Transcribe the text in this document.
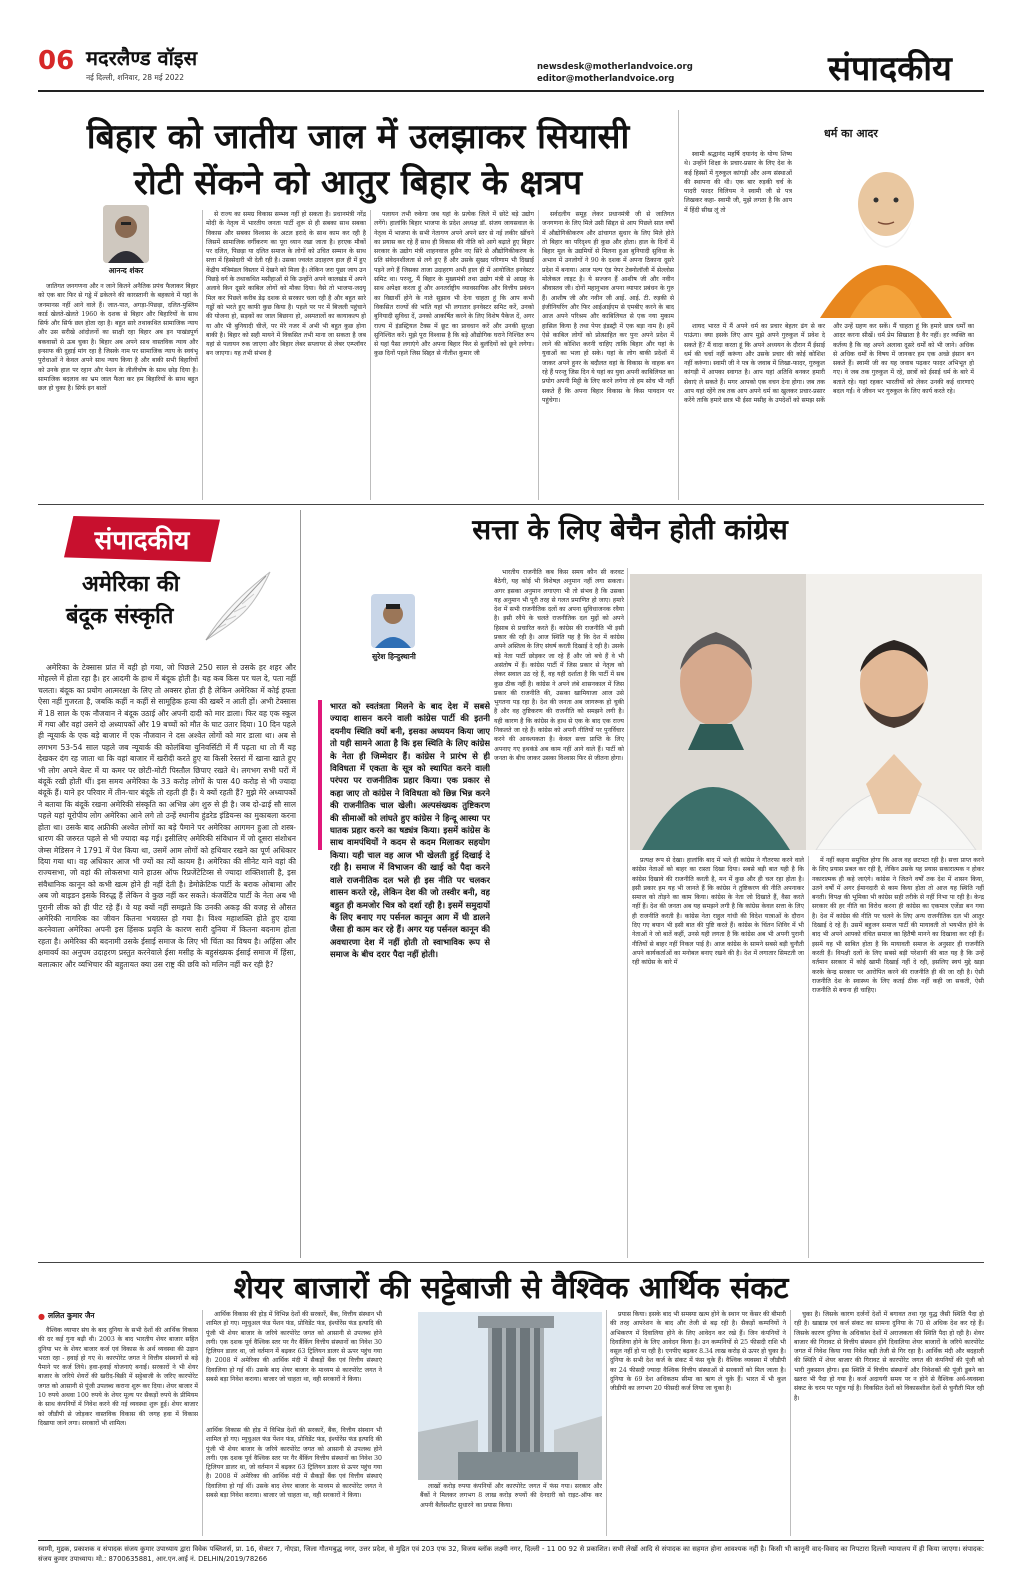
06 मदरलैण्ड वॉइस
नई दिल्ली, शनिवार, 28 मई 2022
newsdesk@motherlandvoice.org
editor@motherlandvoice.org	संपादकीय
बिहार को जातीय जाल में उलझाकर सियासी
रोटी सेंकने को आतुर बिहार के क्षत्रप
आनन्द शंकर

जातिगत जनगणना और न जाने कितने अनैतिक प्रपंच फैलाकर बिहार को एक बार फिर से गड्ढे में ढकेलने की कारस्तानी के बहकावे में यहां के जनमानस नहीं आने वाले हैं। जात-पात, अगड़ा-पिछड़ा, दलित-मुस्लिम कार्ड खेलते-खेलते 1960 के दशक से बिहार और बिहारियों के साथ सिर्फ और सिर्फ छल होता रहा है। बहुत सारे तथाकथित सामाजिक न्याय और उस सरीखे आंदोलनों का साक्षी रहा बिहार अब इन पाखंडपूर्ण बकवासों से ऊब चुका है। बिहार अब अपने साथ वास्तविक न्याय और इन्साफ की दुहाई मांग रहा है जिसके नाम पर सामाजिक न्याय के स्वयंभू पुरोधाओं ने केवल अपने साथ न्याय किया है और बाकी सभी बिहारियों को उनके हाल पर रहान और पेशन के लीलीचोष के साथ छोड़ दिया है। सामाजिक बदलाव का भ्रम जाल फैला कर हम बिहारियों के साथ बहुत छल हो चुका है। सिर्फ इन बातों

से राज्य का समग्र विकास सम्भव नहीं हो सकता है। प्रधानमंत्री नरेंद्र मोदी के नेतृत्व में भारतीय जनता पार्टी शुरू से ही सबका साथ सबका विकास और सबका विश्वास के अटल इरादे के साथ काम कर रही है जिसमें सामाजिक वर्गीकरण का पूरा ध्यान रखा जाता है। हरएक मौकों पर दलित, पिछड़ा या दलित समाज के लोगों को उचित सम्मान के साथ सत्ता में हिस्सेदारी भी देती रही है। उसका ज्वलंत उदाहरण हाल ही में हुए केंद्रीय मंत्रिमंडल विस्तार में देखने को मिला है। लेकिन जरा पूछा जाय उन पिछड़े वर्ग के तथाकथित मसीहाओं से कि उन्होंने अपने कालखंड में अपने अलावे किन दूसरे काबिल लोगों को मौका दिया। वैसे तो भाजपा-जदयू मिल कर पिछले करीब डेढ़ दशक से सरकार चला रही है और बहुत सारे गड्ढों को भरते हुए काफी कुछ किया है। पहले पर पर में बिजली पहुंचाने की योजना हो, सड़कों का जाल बिछाना हो, अस्पतालों का कायाकल्प हो या और भी बुनियादी चीजें, पर मेरे नजर में अभी भी बहुत कुछ होना बाकी है। बिहार को सही मायने में विकसित तभी माना जा सकता है जब यहां से पलायन रुक जाएगा और बिहार लेबर सप्लायर से लेबर एम्प्लॉयर बन जाएगा। यह तभी संभव है

पलायन तभी रुकेगा जब यहां के प्रत्येक जिले में छोटे बड़े उद्योग लगेंगे। हालांकि बिहार भाजपा के प्रदेश अध्यक्ष डॉ. संजय जायसवाल के नेतृत्व में भाजपा के सभी नेतागण अपने अपने स्तर से नई लकीर खींचने का प्रयास कर रहे हैं साथ ही विकास की नीति को आगे बढ़ाते हुए बिहार सरकार के उद्योग मंत्री शाहनवाज हुसैन नए सिरे से औद्योगिकीकरण के प्रति संवेदनशीलता से लगे हुए हैं और उसके सुखद परिणाम भी दिखाई पड़ने लगे हैं जिसका ताजा उदाहरण अभी हाल ही में आयोजित इनवेस्टर समिट था। परन्तु, मैं बिहार के मुख्यमंत्री तथा उद्योग मंत्री से आग्रह के साथ अपेक्षा करता हूं और अनतर्राष्ट्रीय व्यावसायिक और वित्तीय प्रबंधन का विद्यार्थी होने के नाते सुझाव भी देना चाहता हूं कि आप कभी विकसित राज्यों की भांति यहां भी लगातार इनवेस्टर समिट करें, उनको बुनियादी सुविधा दें, उनको आकर्षित करने के लिए विशेष पैकेज दें, अगर राज्य में इंडस्ट्रियल टैक्स में छूट का प्रावधान करें और उनकी सुरक्षा सुनिश्चित करें। मुझे पूरा विश्वास है कि बड़े औद्योगिक घराने निश्चित रूप से यहां पैसा लगाएंगे और अपना बिहार फिर से बुलंदियों को छूने लगेगा। कुछ दिनों पहले जिस सिद्दत से नीतीश कुमार जी

सर्वदलीय समूह लेकर प्रधानमंत्री जी से जातिगत जनगणना के लिए मिले उसी सिद्दत से आप पिछले सात वर्षों में औद्योगिकीकरण और ढांचागत सुधार के लिए मिले होते तो बिहार का परिदृश्य ही कुछ और होता। हाल के दिनों में बिहार मूल के उद्यमियों से मिलना हुआ बुनियादी सुविधा के अभाव में उनलोगों ने 90 के दशक में अपना ठिकाना दूसरे प्रदेश में बनाया। आज पल्प एंड पेपर टेक्नोलॉजी में सेल्लोस मोलेकल लाइट है। ये सज्जन हैं आशीष जी और नवीन श्रीवास्तव जी। दोनों महानुभाव अपना व्यापार प्रबंधन के गुरु हैं। आशीष जी और नवीन जी आई. आई. टी. रुड़की से इंजीनियरिंग और फिर आईआईएम से एमबीए करने के बाद आज अपने परिश्रम और काबिलियत से एक नया मुकाम हासिल किया है तथा पेपर इंडस्ट्री में एक बड़ा नाम है। हमें ऐसे काबिल लोगों को प्रोत्साहित कर पुनः अपने प्रदेश में लाने की कोशिश करनी चाहिए ताकि बिहार और यहां के युवाओं का भला हो सके। यहां के लोग बाकी प्रदेशों में जाकर अपने हुनर के बदौलत वहां के विकास के वाहक बन रहे हैं परन्तु जिस दिन ये यहां का युवा अपनी काबिलियत का प्रयोग अपनी मिट्टी के लिए करने लगेगा तो हम सोच भी नहीं सकते हैं कि अपना बिहार विकास के किस पायदान पर पहुंचेगा।

धर्म का आदर

स्वामी श्रद्धानंद महर्षि दयानंद के योग्य शिष्य थे। उन्होंने शिक्षा के प्रचार-प्रसार के लिए देश के कई हिस्सों में गुरुकुल कांगड़ी और अन्य संस्थाओं की स्थापना की थी। एक बार रुड़की चर्च के पादरी फादर विलियम ने स्वामी जी से पत्र लिखकर कहा- स्वामी जी, मुझे लगता है कि आप में हिंदी सीख लूं तो

शायद भारत में मैं अपने धर्म का प्रचार बेहतर ढंग से कर पाऊंगा। क्या इसके लिए आप मुझे अपने गुरुकुल में प्रवेश दे सकते हैं? मैं वादा करता हूं कि अपने अध्ययन के दौरान मैं ईसाई धर्म की चर्चा नहीं करूंगा और उसके प्रचार की कोई कोशिश नहीं करूंगा। स्वामी जी ने पत्र के जवाब में लिखा-फादर, गुरुकुल कांगड़ी में आपका स्वागत है। आप यहां अतिथि बनकर हमारी सेवाएं ले सकते हैं। मगर आपको एक वचन देना होगा। जब तक आप यहां रहेंगे तब तक आप अपने धर्म का खुलकर प्रचार-प्रसार करेंगे ताकि हमारे छात्र भी ईसा मसीह के उपदेशों को समझ सकें और उन्हें ग्रहण कर सकें। मैं चाहता हूं कि हमारे छात्र धर्मों का आदर करना सीखें। धर्म प्रेम सिखाता है वैर नहीं। हर व्यक्ति का कर्तव्य है कि वह अपने अलावा दूसरे धर्मों को भी जाने। अधिक से अधिक धर्मों के विषय में जानकर हम एक अच्छे इंसान बन सकते हैं। स्वामी जी का यह जवाब पढ़कर फादर अभिभूत हो गए। वे जब तक गुरुकुल में रहे, छात्रों को ईसाई धर्म के बारे में बताते रहे। यहां रहकर भारतीयों को लेकर उनकी कई धारणाएं बदल गईं। वे जीवन भर गुरुकुल के लिए कार्य करते रहे।

संपादकीय
अमेरिका की
बंदूक संस्कृति

अमेरिका के टेक्सास प्रांत में वही हो गया, जो पिछले 250 साल से उसके हर शहर और मोहल्ले में होता रहा है। हर आदमी के हाथ में बंदूक होती है। यह कब किस पर चल दे, पता नहीं चलता। बंदूक का प्रयोग आत्मरक्षा के लिए तो अक्सर होता ही है लेकिन अमेरिका में कोई हफ्ता ऐसा नहीं गुजरता है, जबकि कहीं न कहीं से सामूहिक हत्या की खबरें न आती हों। अभी टेक्सास में 18 साल के एक नौजवान ने बंदूक उठाई और अपनी दादी को मार डाला। फिर वह एक स्कूल में गया और वहां उसने दो अध्यापकों और 19 बच्चों को मौत के घाट उतार दिया। 10 दिन पहले ही न्यूयार्क के एक बड़े बाजार में एक नौजवान ने दस अश्वेत लोगों को मार डाला था। अब से लगभग 53-54 साल पहले जब न्यूयार्क की कोलंबिया युनिवर्सिटी में मैं पढ़ता था तो मैं यह देखकर दंग रह जाता था कि वहां बाजार में खरीदी करते हुए या किसी रेस्तरां में खाना खाते हुए भी लोग अपने बेल्ट में या कमर पर छोटी-मोटी पिस्तौल छिपाए रखते थे। लगभग सभी घरों में बंदूकें रखी होती थीं। इस समय अमेरिका के 33 करोड़ लोगों के पास 40 करोड़ से भी ज्यादा बंदूकें हैं। याने हर परिवार में तीन-चार बंदूकें तो रहती ही हैं। ये क्यों रहती हैं? मुझे मेरे अध्यापकों ने बताया कि बंदूकें रखना अमेरिकी संस्कृति का अभिन्न अंग शुरु से ही है। जब दो-ढाई सौ साल पहले यहां यूरोपीय लोग अमेरिका आने लगे तो उन्हें स्थानीय हुंडरेड इंडियन्स का मुकाबला करना होता था। उसके बाद अफ्रीकी अश्वेत लोगों का बड़े पैमाने पर अमेरिका आगमन हुआ तो शस्त्र-धारण की जरुरत पहले से भी ज्यादा बढ़ गई। इसीलिए अमेरिकी संविधान में जो दूसरा संशोधन जेम्स मेडिसन ने 1791 में पेश किया था, उसमें आम लोगों को हथियार रखने का पूर्ण अधिकार दिया गया था। वह अधिकार आज भी ज्यों का त्यों कायम है। अमेरिका की सीनेट याने वहां की राज्यसभा, जो वहां की लोकसभा याने हाउस ऑफ रिप्रजेंटेटिव्स से ज्यादा शक्तिशाली है, इस संवैधानिक कानून को कभी खत्म होने ही नहीं देती है। डेमोक्रेटिक पार्टी के बराक ओबामा और अब जो बाइडन इसके विरुद्ध हैं लेकिन वे कुछ नहीं कर सकते। कंजर्वेटिव पार्टी के नेता अब भी पुरानी लीक को ही पीट रहे हैं। वे यह क्यों नहीं समझते कि उनकी अकड़ की वजह से औसत अमेरिकी नागरिक का जीवन कितना भयग्रस्त हो गया है। विश्व महाशक्ति होते हुए दावा करनेवाला अमेरिका अपनी इस हिंसक प्रवृति के कारण सारी दुनिया में कितना बदनाम होता रहता है। अमेरिका की बदनामी उसके ईसाई समाज के लिए भी चिंता का विषय है। अहिंसा और क्षमावर्य का अनुपम उदाहरण प्रस्तुत करनेवाले ईसा मसीह के बहुसंख्यक ईसाई समाज में हिंसा, बलात्कार और व्यभिचार की बहुतायत क्या उस राष्ट्र की छवि को मलिन नहीं कर रही है?

सत्ता के लिए बेचैन होती कांग्रेस
सुरेश हिन्दुस्थानी

भारत को स्वतंत्रता मिलने के बाद देश में सबसे ज्यादा शासन करने वाली कांग्रेस पार्टी की इतनी दयनीय स्थिति क्यों बनी, इसका अध्ययन किया जाए तो यही सामने आता है कि इस स्थिति के लिए कांग्रेस के नेता ही जिम्मेदार हैं। कांग्रेस ने प्रारंभ से ही विविधता में एकता के सूत्र को स्थापित करने वाली परंपरा पर राजनीतिक प्रहार किया। एक प्रकार से कहा जाए तो कांग्रेस ने विविधता को छिन्न भिन्न करने की राजनीतिक चाल खेली। अल्पसंख्यक तुष्टिकरण की सीमाओं को लांघते हुए कांग्रेस ने हिन्दू आस्था पर घातक प्रहार करने का षड्यंत्र किया। इसमें कांग्रेस के साथ वामपंथियों ने कदम से कदम मिलाकर सहयोग किया। यही चाल वह आज भी खेलती हुई दिखाई दे रही है। समाज में विभाजन की खाई को पैदा करने वाले राजनीतिक दल भले ही इस नीति पर चलकर शासन करते रहे, लेकिन देश की जो तस्वीर बनी, वह बहुत ही कमजोर चित्र को दर्शा रही है। इसमें समुदायों के लिए बनाए गए पर्सनल कानून आग में घी डालने जैसा ही काम कर रहे हैं। अगर यह पर्सनल कानून की अवधारणा देश में नहीं होती तो स्वाभाविक रूप से समाज के बीच दरार पैदा नहीं होती।

भारतीय राजनीति कब किस समय कौन सी करवट बैठेगी, यह कोई भी विशेषज्ञ अनुमान नहीं लगा सकता। अगर इसका अनुमान लगाएगा भी तो संभव है कि उसका यह अनुमान भी पूरी तरह से गलत प्रमाणित हो जाए। हमारे देश में सभी राजनीतिक दलों का अपना सुविधाजनक रवैया है। इसी रवैये के चलते राजनीतिक दल मुद्दों को अपने हिसाब से प्रचारित करते हैं। कांग्रेस की राजनीति भी इसी प्रकार की रही है। आज स्थिति यह है कि देश में कांग्रेस अपने अस्तित्व के लिए संघर्ष करती दिखाई दे रही है। उसके बड़े नेता पार्टी छोड़कर जा रहे हैं और जो बचे हैं वे भी असंतोष में हैं। कांग्रेस पार्टी में जिस प्रकार से नेतृत्व को लेकर सवाल उठ रहे हैं, वह यही दर्शाता है कि पार्टी में सब कुछ ठीक नहीं है। कांग्रेस ने अपने लंबे शासनकाल में जिस प्रकार की राजनीति की, उसका खामियाजा आज उसे भुगतना पड़ रहा है। देश की जनता अब जागरूक हो चुकी है और वह तुष्टिकरण की राजनीति को समझने लगी है। यही कारण है कि कांग्रेस के हाथ से एक के बाद एक राज्य निकलते जा रहे हैं। कांग्रेस को अपनी नीतियों पर पुनर्विचार करने की आवश्यकता है। केवल सत्ता प्राप्ति के लिए अपनाए गए हथकंडे अब काम नहीं आने वाले हैं। पार्टी को जनता के बीच जाकर उसका विश्वास फिर से जीतना होगा।

प्रत्यक्ष रूप से देखा। हालांकि बाद में भले ही कांग्रेस ने गौतरफा करने वाले कांग्रेस नेताओं को बाहर का रास्ता दिखा दिया। सबसे बड़ी बात यही है कि कांग्रेस दिखावे की राजनीति करती है, मन में कुछ और ही चल रहा होता है। इसी प्रकार हम यह भी जानते हैं कि कांग्रेस ने तुष्टिकरण की नीति अपनाकर समाज को तोड़ने का काम किया। कांग्रेस के नेता जो दिखाते हैं, वैसा करते नहीं हैं। देश की जनता अब यह समझने लगी है कि कांग्रेस केवल सत्ता के लिए ही राजनीति करती है। कांग्रेस नेता राहुल गांधी की विदेश यात्राओं के दौरान दिए गए बयान भी इसी बात की पुष्टि करते हैं। कांग्रेस के चिंतन शिविर में भी नेताओं ने जो बातें कहीं, उनसे यही लगता है कि कांग्रेस अब भी अपनी पुरानी नीतियों से बाहर नहीं निकल पाई है। आज कांग्रेस के सामने सबसे बड़ी चुनौती अपने कार्यकर्ताओं का मनोबल बनाए रखने की है। देश में लगातार सिमटती जा रही कांग्रेस के बारे में

में नहीं कहना समुचित होगा कि आज वह छटपटा रही है। सत्ता प्राप्त करने के लिए प्रयास प्रबल कर रही है, लेकिन उसके यह प्रयास सकारात्मक न होकर नकारात्मक ही कहे जाएंगे। कांग्रेस ने जितने वर्षों तक देश में शासन किया, उतने वर्षों में अगर ईमानदारी से काम किया होता तो आज यह स्थिति नहीं बनती। विपक्ष की भूमिका भी कांग्रेस सही तरीके से नहीं निभा पा रही है। केन्द्र सरकार की हर नीति का विरोध करना ही कांग्रेस का एकमात्र एजेंडा बन गया है। देश में कांग्रेस की नीति पर चलने के लिए अन्य राजनीतिक दल भी आतुर दिखाई दे रहे हैं। उसमें बहुजन समाज पार्टी की मायावती तो भयभीत होने के बाद भी अपने आपको वंचित समाज का हितैषी मानने का दिखावा कर रही हैं। इसमें यह भी साबित होता है कि मायावती समाज के अनुसार ही राजनीति करती हैं। विपक्षी दलों के लिए सबसे बड़ी परेशानी की बात यह है कि उन्हें वर्तमान सरकार में कोई खामी दिखाई नहीं दे रही, इसलिए स्वयं मुद्दे खड़ा करके केन्द्र सरकार पर आरोपित करने की राजनीति ही की जा रही है। ऐसी राजनीति देश के स्वास्थ्य के लिए कतई ठीक नहीं कही जा सकती, ऐसी राजनीति से बचना ही चाहिए।

शेयर बाजारों की सट्टेबाजी से वैश्विक आर्थिक संकट
● ललित कुमार जैन

वैश्विक व्यापार संघ के बाद दुनिया के सभी देशों की आर्थिक विकास की दर कई गुना बढ़ी थी। 2003 के बाद भारतीय शेयर बाजार सहित दुनिया भर के शेयर बाजार कर्ज एवं विकास के अर्थ व्यवस्था की उड़ान भरता रहा - हवाई हो गए थे। कारपोरेट जगत ने वित्तीय संस्थानों से बड़े पैमाने पर कर्ज लिये। हवा-हवाई योजनाएं बनाईं। सरकारों ने भी शेयर बाजार के जरिये शेयरों की खरीद-बिक्री में सट्टेबाजी के जरिए कारपोरेट जगत को आसानी से पूंजी उपलब्ध कराना शुरू कर दिया। शेयर बाजार में 10 रुपये अथवा 100 रुपये के शेयर मूल्य पर सैकड़ों रुपये के प्रीमियम के साथ कंपनियों में निवेश करने की नई व्यवस्था शुरू हुई। शेयर बाजार को जीडीपी से जोड़कर वास्तविक विकास की जगह हवा में विकास दिखाया जाने लगा। सरकारों भी शामिल।

आर्थिक विकास की होड़ में विभिन्न देशों की सरकारें, बैंक, वित्तीय संस्थान भी शामिल हो गए। म्युचुअल फंड पेंशन फंड, प्रोविडेंट फंड, इंश्योरेंस फंड इत्यादि की पूंजी भी शेयर बाजार के जरिये कारपोरेट जगत को आसानी से उपलब्ध होने लगी। एक दशक पूर्व वैश्विक स्तर पर गैर बैंकिंग वित्तीय संस्थानों का निवेश 30 ट्रिलियन डालर था, जो वर्तमान में बढ़कर 63 ट्रिलियन डालर से ऊपर पहुंच गया है। 2008 में अमेरिका की आर्थिक मंदी में सैकड़ों बैंक एवं वित्तीय संस्थाएं दिवालिया हो गई थीं। उसके बाद शेयर बाजार के माध्यम से कारपोरेट जगत ने सबसे बड़ा निवेश कराया। बाजार जो चाहता था, वही सरकारों ने किया।

लाखों करोड़ रुपया कंपनियों और कारपोरेट जगत में फंस गया। सरकार और बैंकों ने मिलकर लगभग 8 लाख करोड़ रुपयों की देनदारी को राइट-ऑफ कर अपनी बैलेंसशीट सुधारने का प्रयास किया।

आर्थिक विकास की होड़ में विभिन्न देशों की सरकारें, बैंक, वित्तीय संस्थान भी शामिल हो गए। म्युचुअल फंड पेंशन फंड, प्रोविडेंट फंड, इंश्योरेंस फंड इत्यादि की पूंजी भी शेयर बाजार के जरिये कारपोरेट जगत को आसानी से उपलब्ध होने लगी। एक दशक पूर्व वैश्विक स्तर पर गैर बैंकिंग वित्तीय संस्थानों का निवेश 30 ट्रिलियन डालर था, जो वर्तमान में बढ़कर 63 ट्रिलियन डालर से ऊपर पहुंच गया है। 2008 में अमेरिका की आर्थिक मंदी में सैकड़ों बैंक एवं वित्तीय संस्थाएं दिवालिया हो गई थीं। उसके बाद शेयर बाजार के माध्यम से कारपोरेट जगत ने सबसे बड़ा निवेश कराया। बाजार जो चाहता था, वही सरकारों ने किया।

प्रयास किया। इसके बाद भी समस्या खत्म होने के स्थान पर केंसर की बीमारी की तरह आपरेशन के बाद और तेजी से बढ़ रही है। सैकड़ों कम्पनियों ने अभिकरण में दिवालिया होने के लिए आवेदन कर रखे हैं। जिन कंपनियों ने दिवालिया होने के लिए आवेदन किया है। उन कम्पनियों से 25 फीसदी राशि भी वसूल नहीं हो पा रही है। एनपीए बढ़कर 8.34 लाख करोड़ से ऊपर हो चुका है। दुनिया के सभी देश कर्ज के संकट में फंस चुके हैं। वैश्विक व्यवस्था में जीडीपी का 24 फीसदी ज्यादा वैश्विक वित्तीय संस्थाओं से सरकारों को मिल जाता है। दुनिया के 69 देश अधिकतम सीमा का ऋण ले चुके हैं। भारत में भी कुल जीडीपी का लगभग 20 फीसदी कर्ज लिया जा चुका है।

चुका है। जिसके कारण दर्जनों देशों में बगावत तथा गृह युद्ध जैसी स्थिति पैदा हो रही है। खाद्यान्न एवं कर्ज संकट का सामना दुनिया के 70 से अधिक देश कर रहे हैं। जिसके कारण दुनिया के अधिकांश देशों में अराजकता की स्थिति पैदा हो रही है। शेयर बाजार की गिरावट से वित्तीय संस्थान होंगे दिवालिया शेयर बाजारों के जरिये कारपोरेट जगत में निवेश किया गया निवेश बड़ी तेजी से गिर रहा है। आर्थिक मंदी और बदहाली की स्थिति में शेयर बाजार की गिरावट से कारपोरेट जगत की कंपनियों की पूंजी को भारी नुकसान होगा। इस स्थिति में वित्तीय संस्थानों और निवेशकों की पूंजी डूबने का खतरा भी पैदा हो गया है। कर्ज अदायगी समय पर न होने से वैश्विक अर्थ-व्यवस्था संकट के चरम पर पहुंच गई है। विकसित देशों को विकासशील देशों से चुनौती मिल रही है।

स्वामी, मुद्रक, प्रकाशक व संपादक संजय कुमार उपाध्याय द्वारा विवेक पब्लिशर्स, प्रा. 16, सेक्टर 7, नोएडा, जिला गौतमबुद्ध नगर, उत्तर प्रदेश, से मुद्रित एवं 203 एफ 32, विजय ब्लॉक लक्ष्मी नगर, दिल्ली - 11 00 92 से प्रकाशित। सभी लेखों आदि से संपादक का सहमत होना आवश्यक नहीं है। किसी भी कानूनी वाद-विवाद का निपटारा दिल्ली न्यायालय में ही किया जाएगा। संपादक: संजय कुमार उपाध्याय। मो.: 8700635881, आर.एन.आई नं. DELHIN/2019/78266
